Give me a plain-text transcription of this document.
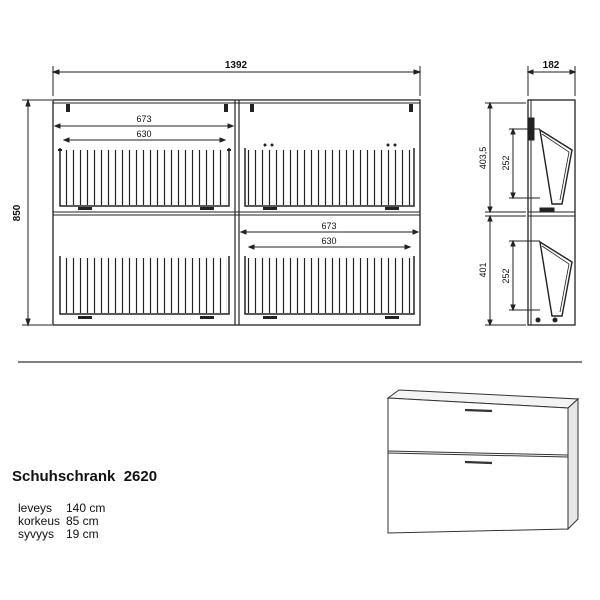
1392
850
673
630
673
630
182
403,5
401
252
252
Schuhschrank 2620
leveys	140 cm
korkeus 85 cm
syvyys	19 cm
